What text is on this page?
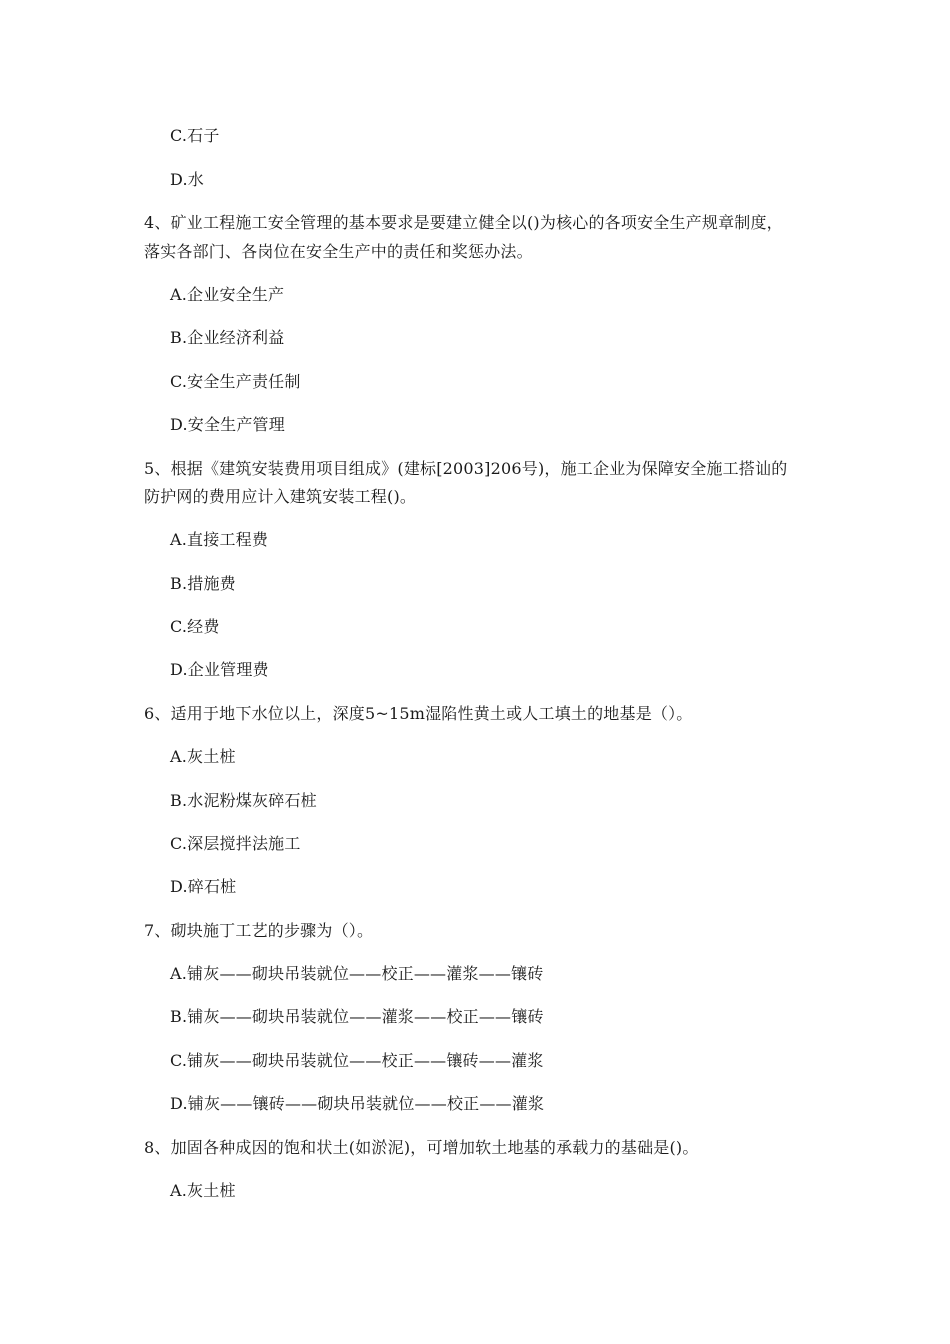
C.石子
D.水
4、矿业工程施工安全管理的基本要求是要建立健全以()为核心的各项安全生产规章制度，
落实各部门、各岗位在安全生产中的责任和奖惩办法。
A.企业安全生产
B.企业经济利益
C.安全生产责任制
D.安全生产管理
5、根据《建筑安装费用项目组成》(建标[2003]206号)，施工企业为保障安全施工搭讪的
防护网的费用应计入建筑安装工程()。
A.直接工程费
B.措施费
C.经费
D.企业管理费
6、适用于地下水位以上，深度5~15m湿陷性黄土或人工填土的地基是（）。
A.灰土桩
B.水泥粉煤灰碎石桩
C.深层搅拌法施工
D.碎石桩
7、砌块施丁工艺的步骤为（）。
A.铺灰——砌块吊装就位——校正——灌浆——镶砖
B.铺灰——砌块吊装就位——灌浆——校正——镶砖
C.铺灰——砌块吊装就位——校正——镶砖——灌浆
D.铺灰——镶砖——砌块吊装就位——校正——灌浆
8、加固各种成因的饱和状土(如淤泥)，可增加软土地基的承载力的基础是()。
A.灰土桩
